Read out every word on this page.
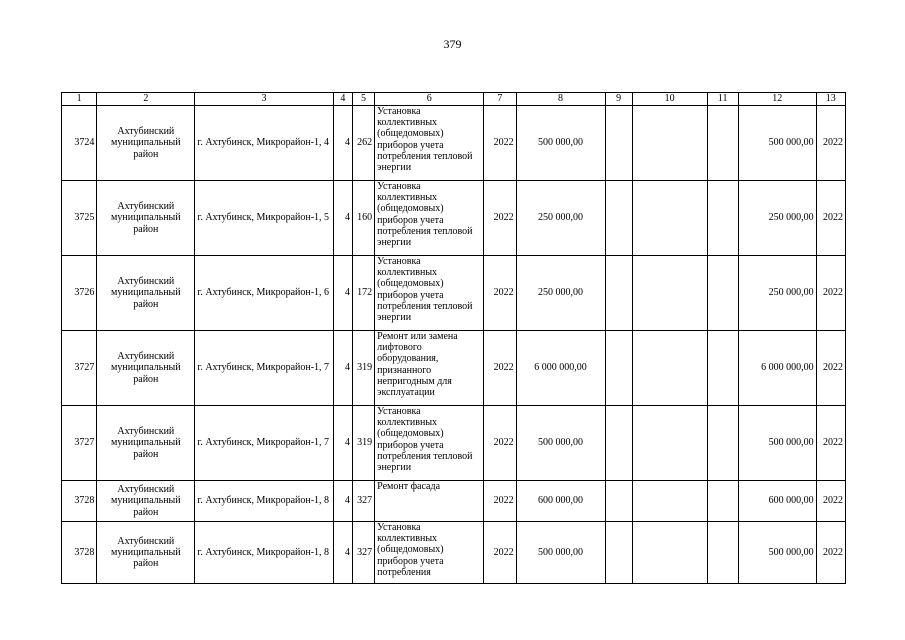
379
1	2	3	4	5	6	7	8	9	10	11	12	13
3724	Ахтубинский муниципальный район	г. Ахтубинск, Микрорайон-1, 4	4	262	Установка коллективных (общедомовых) приборов учета потребления тепловой энергии	2022	500 000,00				500 000,00	2022
3725	Ахтубинский муниципальный район	г. Ахтубинск, Микрорайон-1, 5	4	160	Установка коллективных (общедомовых) приборов учета потребления тепловой энергии	2022	250 000,00				250 000,00	2022
3726	Ахтубинский муниципальный район	г. Ахтубинск, Микрорайон-1, 6	4	172	Установка коллективных (общедомовых) приборов учета потребления тепловой энергии	2022	250 000,00				250 000,00	2022
3727	Ахтубинский муниципальный район	г. Ахтубинск, Микрорайон-1, 7	4	319	Ремонт или замена лифтового оборудования, признанного непригодным для эксплуатации	2022	6 000 000,00				6 000 000,00	2022
3727	Ахтубинский муниципальный район	г. Ахтубинск, Микрорайон-1, 7	4	319	Установка коллективных (общедомовых) приборов учета потребления тепловой энергии	2022	500 000,00				500 000,00	2022
3728	Ахтубинский муниципальный район	г. Ахтубинск, Микрорайон-1, 8	4	327	Ремонт фасада	2022	600 000,00				600 000,00	2022
3728	Ахтубинский муниципальный район	г. Ахтубинск, Микрорайон-1, 8	4	327	Установка коллективных (общедомовых) приборов учета потребления	2022	500 000,00				500 000,00	2022
